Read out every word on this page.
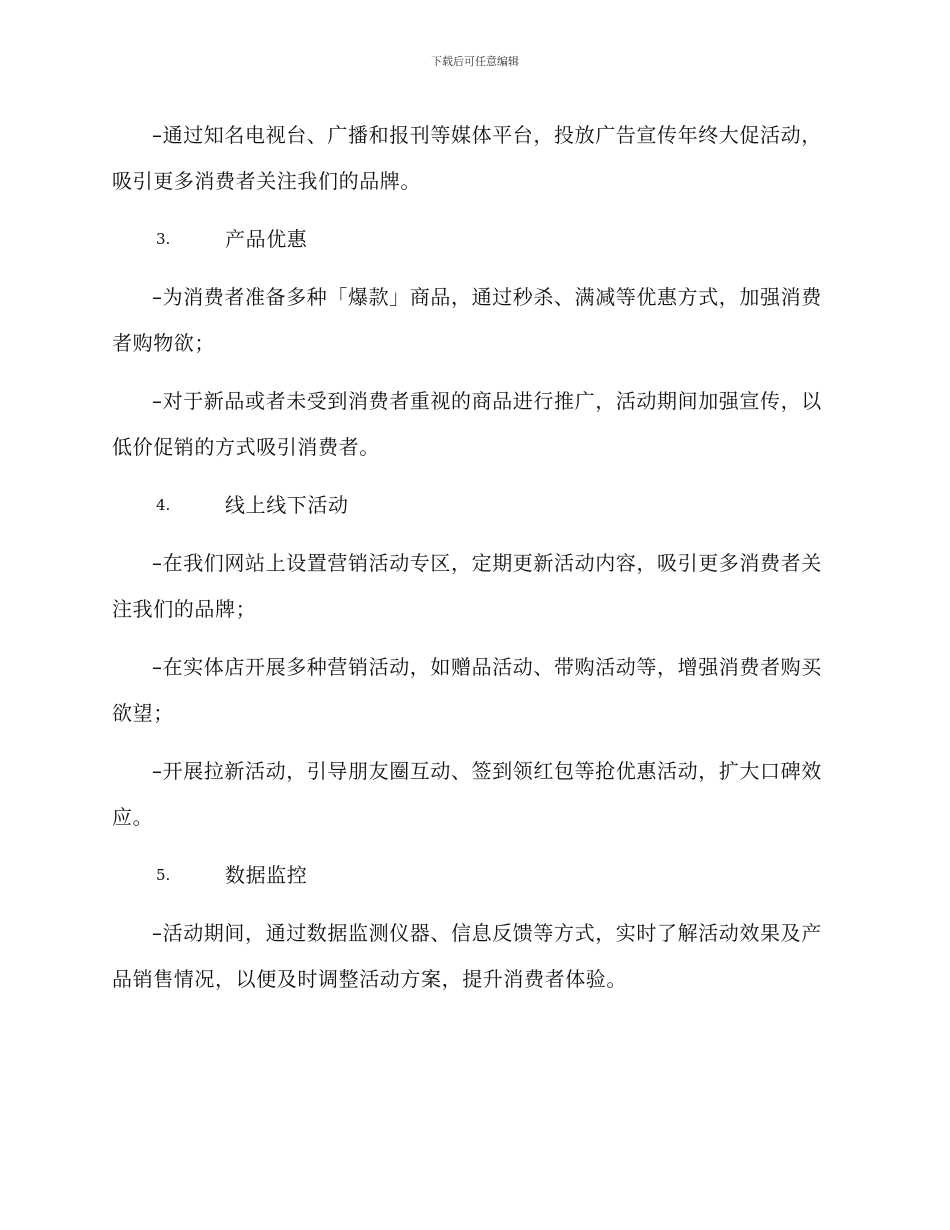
下载后可任意编辑

–通过知名电视台、广播和报刊等媒体平台，投放广告宣传年终大促活动，吸引更多消费者关注我们的品牌。

3.	产品优惠

–为消费者准备多种「爆款」商品，通过秒杀、满减等优惠方式，加强消费者购物欲；

–对于新品或者未受到消费者重视的商品进行推广，活动期间加强宣传，以低价促销的方式吸引消费者。

4.	线上线下活动

–在我们网站上设置营销活动专区，定期更新活动内容，吸引更多消费者关注我们的品牌；

–在实体店开展多种营销活动，如赠品活动、带购活动等，增强消费者购买欲望；

–开展拉新活动，引导朋友圈互动、签到领红包等抢优惠活动，扩大口碑效应。

5.	数据监控

–活动期间，通过数据监测仪器、信息反馈等方式，实时了解活动效果及产品销售情况，以便及时调整活动方案，提升消费者体验。
